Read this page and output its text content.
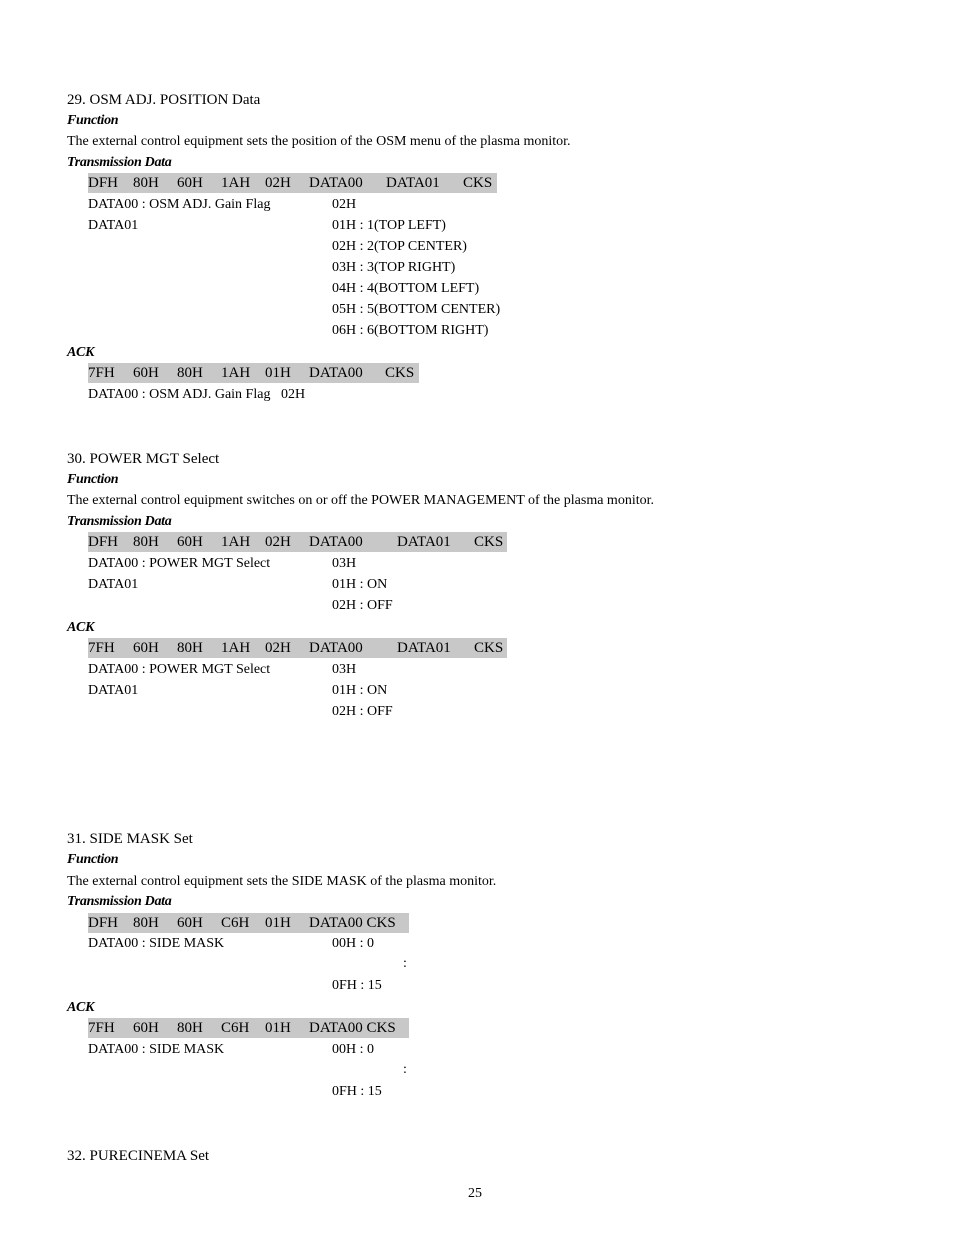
29. OSM ADJ. POSITION Data
Function
The external control equipment sets the position of the OSM menu of the plasma monitor.
Transmission Data
DFH 80H 60H 1AH 02H DATA00 DATA01 CKS
DATA00 : OSM ADJ. Gain Flag	02H
DATA01	01H : 1(TOP LEFT)
02H : 2(TOP CENTER)
03H : 3(TOP RIGHT)
04H : 4(BOTTOM LEFT)
05H : 5(BOTTOM CENTER)
06H : 6(BOTTOM RIGHT)
ACK
7FH 60H 80H 1AH 01H DATA00 CKS
DATA00 : OSM ADJ. Gain Flag   02H
30. POWER MGT Select
Function
The external control equipment switches on or off the POWER MANAGEMENT of the plasma monitor.
Transmission Data
DFH 80H 60H 1AH 02H DATA00 DATA01 CKS
DATA00 : POWER MGT Select	03H
DATA01	01H : ON
02H : OFF
ACK
7FH 60H 80H 1AH 02H DATA00 DATA01 CKS
DATA00 : POWER MGT Select	03H
DATA01	01H : ON
02H : OFF
31. SIDE MASK Set
Function
The external control equipment sets the SIDE MASK of the plasma monitor.
Transmission Data
DFH 80H 60H C6H 01H DATA00 CKS
DATA00 : SIDE MASK	00H : 0
:
0FH : 15
ACK
7FH 60H 80H C6H 01H DATA00 CKS
DATA00 : SIDE MASK	00H : 0
:
0FH : 15
32. PURECINEMA Set
25
